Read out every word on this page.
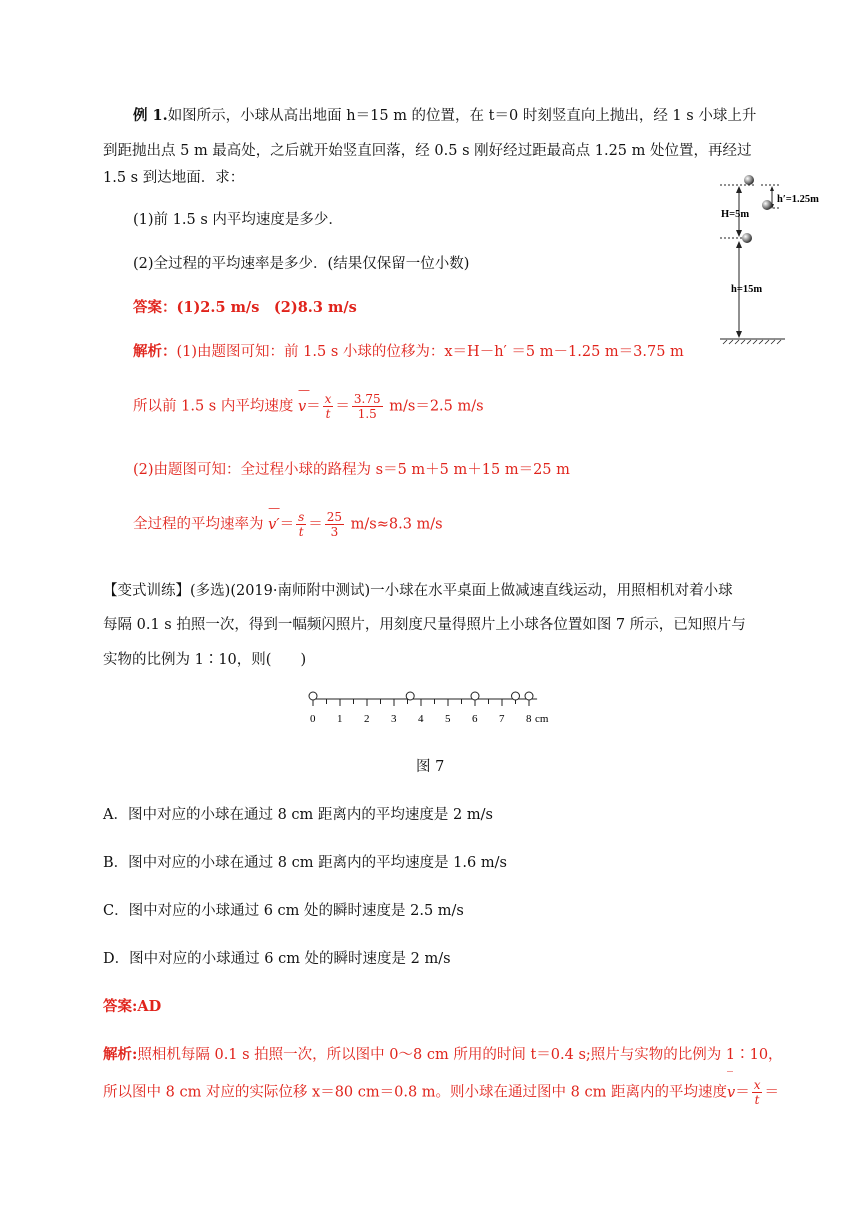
例 1.如图所示，小球从高出地面 h＝15 m 的位置，在 t＝0 时刻竖直向上抛出，经 1 s 小球上升
到距抛出点 5 m 最高处，之后就开始竖直回落，经 0.5 s 刚好经过距最高点 1.25 m 处位置，再经过
1.5 s 到达地面．求：
(1)前 1.5 s 内平均速度是多少．
(2)全过程的平均速率是多少．(结果仅保留一位小数)
答案：(1)2.5 m/s　(2)8.3 m/s
解析：(1)由题图可知：前 1.5 s 小球的位移为：x＝H－h′ ＝5 m－1.25 m＝3.75 m
所以前 1.5 s 内平均速度
—
$v= \frac{x}{t} = \frac{3.75}{1.5} m/s=2.5$ m/s
(2)由题图可知：全过程小球的路程为 s＝5 m＋5 m＋15 m＝25 m
全过程的平均速率为
—
$v'= \frac{s}{t} = \frac{25}{3} m/s\approx 8.3$ m/s
h′=1.25m
H=5m
h=15m
【变式训练】(多选)(2019·南师附中测试)一小球在水平桌面上做减速直线运动，用照相机对着小球
每隔 0.1 s 拍照一次，得到一幅频闪照片，用刻度尺量得照片上小球各位置如图 7 所示，已知照片与
实物的比例为 1∶10，则(　　)
0 1 2 3 4 5 6 7 8 cm
图 7
A．图中对应的小球在通过 8 cm 距离内的平均速度是 2 m/s
B．图中对应的小球在通过 8 cm 距离内的平均速度是 1.6 m/s
C．图中对应的小球通过 6 cm 处的瞬时速度是 2.5 m/s
D．图中对应的小球通过 6 cm 处的瞬时速度是 2 m/s
答案:AD
解析:照相机每隔 0.1 s 拍照一次，所以图中 0～8 cm 所用的时间 t＝0.4 s;照片与实物的比例为 1∶10，
所以图中 8 cm 对应的实际位移 x＝80 cm＝0.8 m。则小球在通过图中 8 cm 距离内的平均速度
‾
$v= \frac{x}{t}$ ＝
